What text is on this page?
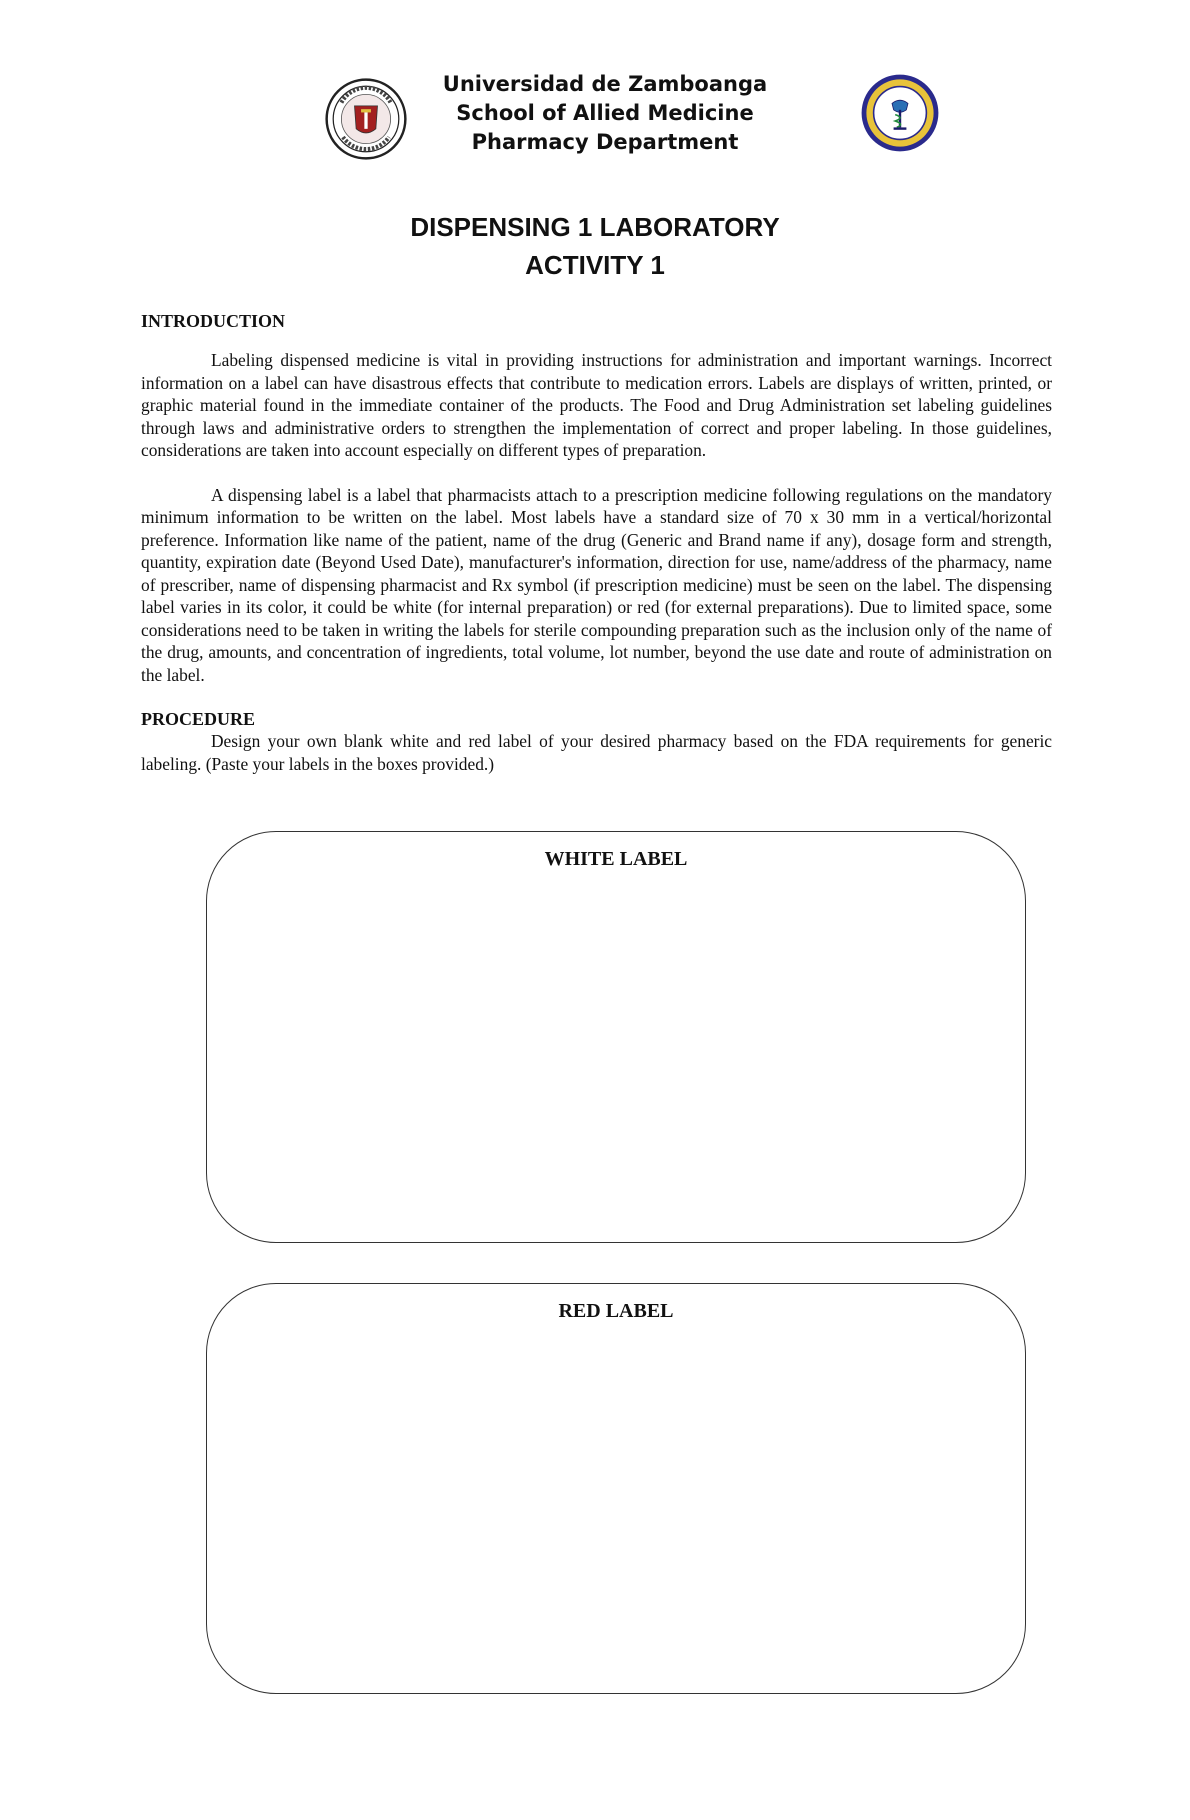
Universidad de Zamboanga
School of Allied Medicine
Pharmacy Department
DISPENSING 1 LABORATORY
ACTIVITY 1

INTRODUCTION

Labeling dispensed medicine is vital in providing instructions for administration and important warnings. Incorrect information on a label can have disastrous effects that contribute to medication errors. Labels are displays of written, printed, or graphic material found in the immediate container of the products. The Food and Drug Administration set labeling guidelines through laws and administrative orders to strengthen the implementation of correct and proper labeling. In those guidelines, considerations are taken into account especially on different types of preparation.

A dispensing label is a label that pharmacists attach to a prescription medicine following regulations on the mandatory minimum information to be written on the label. Most labels have a standard size of 70 x 30 mm in a vertical/horizontal preference. Information like name of the patient, name of the drug (Generic and Brand name if any), dosage form and strength, quantity, expiration date (Beyond Used Date), manufacturer's information, direction for use, name/address of the pharmacy, name of prescriber, name of dispensing pharmacist and Rx symbol (if prescription medicine) must be seen on the label. The dispensing label varies in its color, it could be white (for internal preparation) or red (for external preparations). Due to limited space, some considerations need to be taken in writing the labels for sterile compounding preparation such as the inclusion only of the name of the drug, amounts, and concentration of ingredients, total volume, lot number, beyond the use date and route of administration on the label.

PROCEDURE

Design your own blank white and red label of your desired pharmacy based on the FDA requirements for generic labeling. (Paste your labels in the boxes provided.)

WHITE LABEL
RED LABEL
